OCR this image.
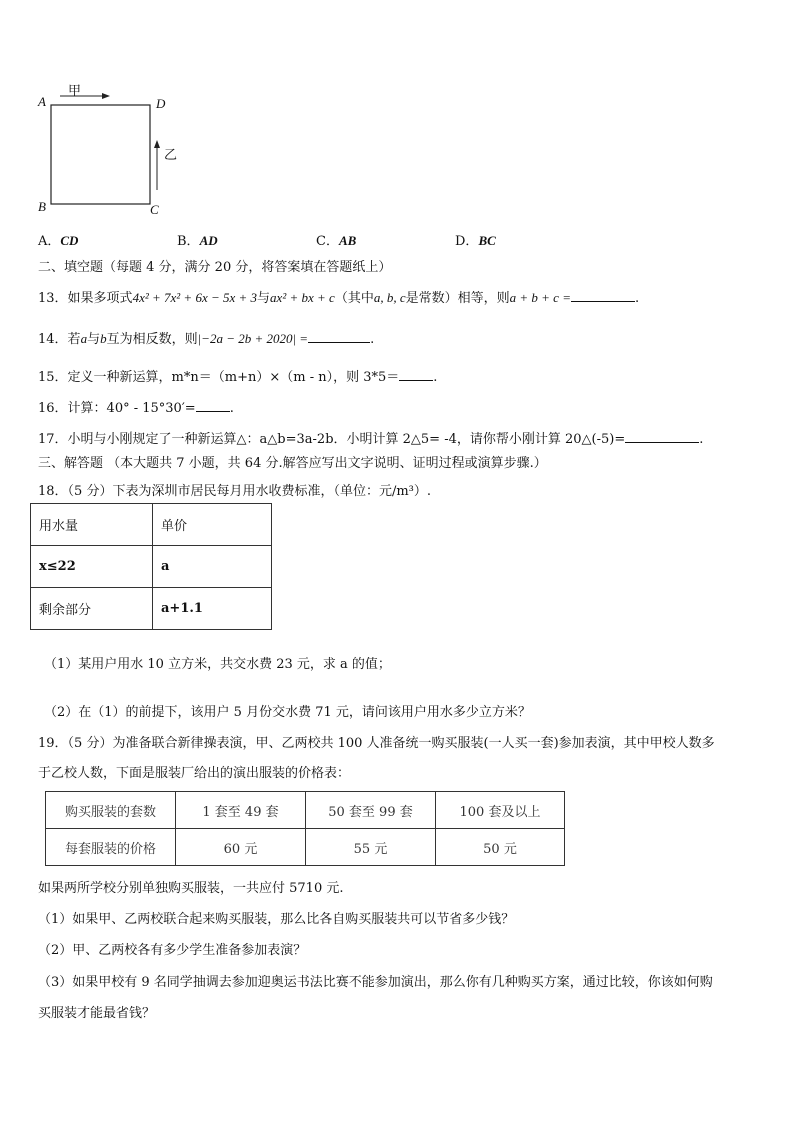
A	D
B	C
甲
乙
A．CD	B．AD	C．AB	D．BC
二、填空题（每题 4 分，满分 20 分，将答案填在答题纸上）
13．如果多项式4x² + 7x² + 6x − 5x + 3与ax² + bx + c（其中a, b, c是常数）相等，则a + b + c =	.
14．若a与b互为相反数，则|−2a − 2b + 2020| =	.
15．定义一种新运算，m*n＝（m+n）×（m - n），则 3*5＝	.
16．计算：40° - 15°30′=	.
17．小明与小刚规定了一种新运算△：a△b=3a-2b．小明计算 2△5= -4，请你帮小刚计算 20△(-5)=	.
三、解答题 （本大题共 7 小题，共 64 分.解答应写出文字说明、证明过程或演算步骤.）
18．（5 分）下表为深圳市居民每月用水收费标准，（单位：元/m³）.
用水量	单价
x≤22	a
剩余部分	a+1.1
（1）某用户用水 10 立方米，共交水费 23 元，求 a 的值；
（2）在（1）的前提下，该用户 5 月份交水费 71 元，请问该用户用水多少立方米？
19．（5 分）为准备联合新律操表演，甲、乙两校共 100 人准备统一购买服装(一人买一套)参加表演，其中甲校人数多
于乙校人数，下面是服装厂给出的演出服装的价格表：
购买服装的套数	1 套至 49 套	50 套至 99 套	100 套及以上
每套服装的价格	60 元	55 元	50 元
如果两所学校分别单独购买服装，一共应付 5710 元.
（1）如果甲、乙两校联合起来购买服装，那么比各自购买服装共可以节省多少钱？
（2）甲、乙两校各有多少学生准备参加表演？
（3）如果甲校有 9 名同学抽调去参加迎奥运书法比赛不能参加演出，那么你有几种购买方案，通过比较，你该如何购
买服装才能最省钱？
